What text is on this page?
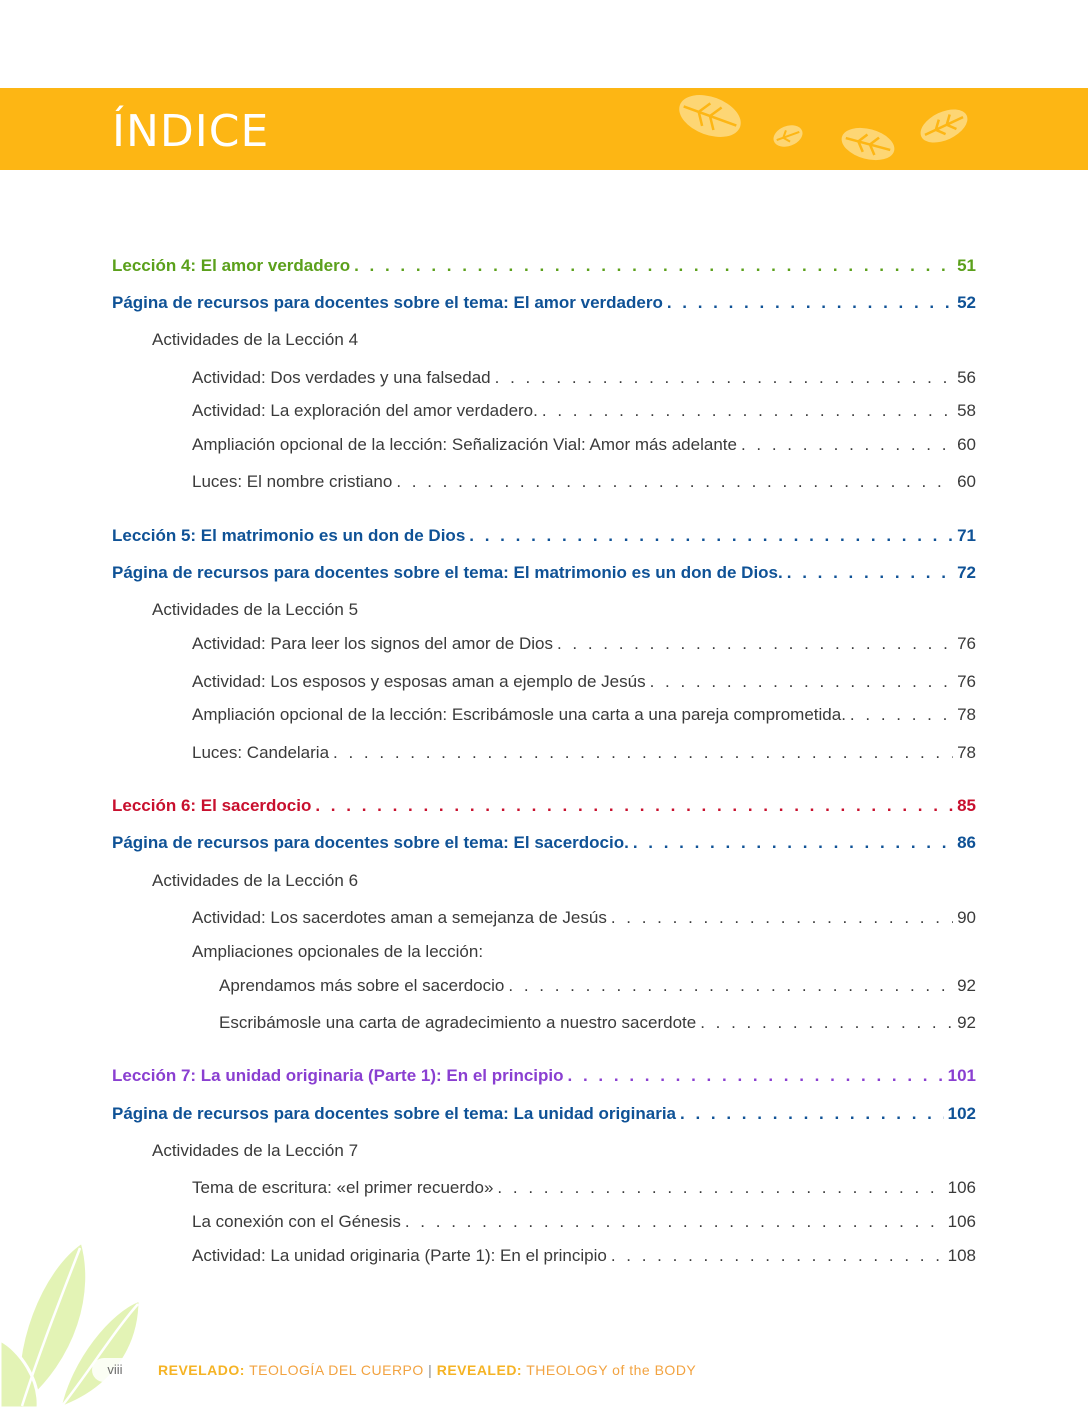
ÍNDICE
Lección 4: El amor verdadero . . .	51
Página de recursos para docentes sobre el tema: El amor verdadero . . .	52
Actividades de la Lección 4
Actividad: Dos verdades y una falsedad . . .	56
Actividad: La exploración del amor verdadero. . . .	58
Ampliación opcional de la lección: Señalización Vial: Amor más adelante . . .	60
Luces: El nombre cristiano . . .	60
Lección 5: El matrimonio es un don de Dios . . .	71
Página de recursos para docentes sobre el tema: El matrimonio es un don de Dios. . . .	72
Actividades de la Lección 5
Actividad: Para leer los signos del amor de Dios . . .	76
Actividad: Los esposos y esposas aman a ejemplo de Jesús . . .	76
Ampliación opcional de la lección: Escribámosle una carta a una pareja comprometida. . . .	78
Luces: Candelaria . . .	78
Lección 6: El sacerdocio . . .	85
Página de recursos para docentes sobre el tema: El sacerdocio. . . .	86
Actividades de la Lección 6
Actividad: Los sacerdotes aman a semejanza de Jesús . . .	90
Ampliaciones opcionales de la lección:
Aprendamos más sobre el sacerdocio . . .	92
Escribámosle una carta de agradecimiento a nuestro sacerdote . . .	92
Lección 7: La unidad originaria (Parte 1): En el principio . . .	101
Página de recursos para docentes sobre el tema: La unidad originaria . . .	102
Actividades de la Lección 7
Tema de escritura: «el primer recuerdo» . . .	106
La conexión con el Génesis . . .	106
Actividad: La unidad originaria (Parte 1): En el principio . . .	108
viii	REVELADO: TEOLOGÍA DEL CUERPO | REVEALED: THEOLOGY of the BODY
